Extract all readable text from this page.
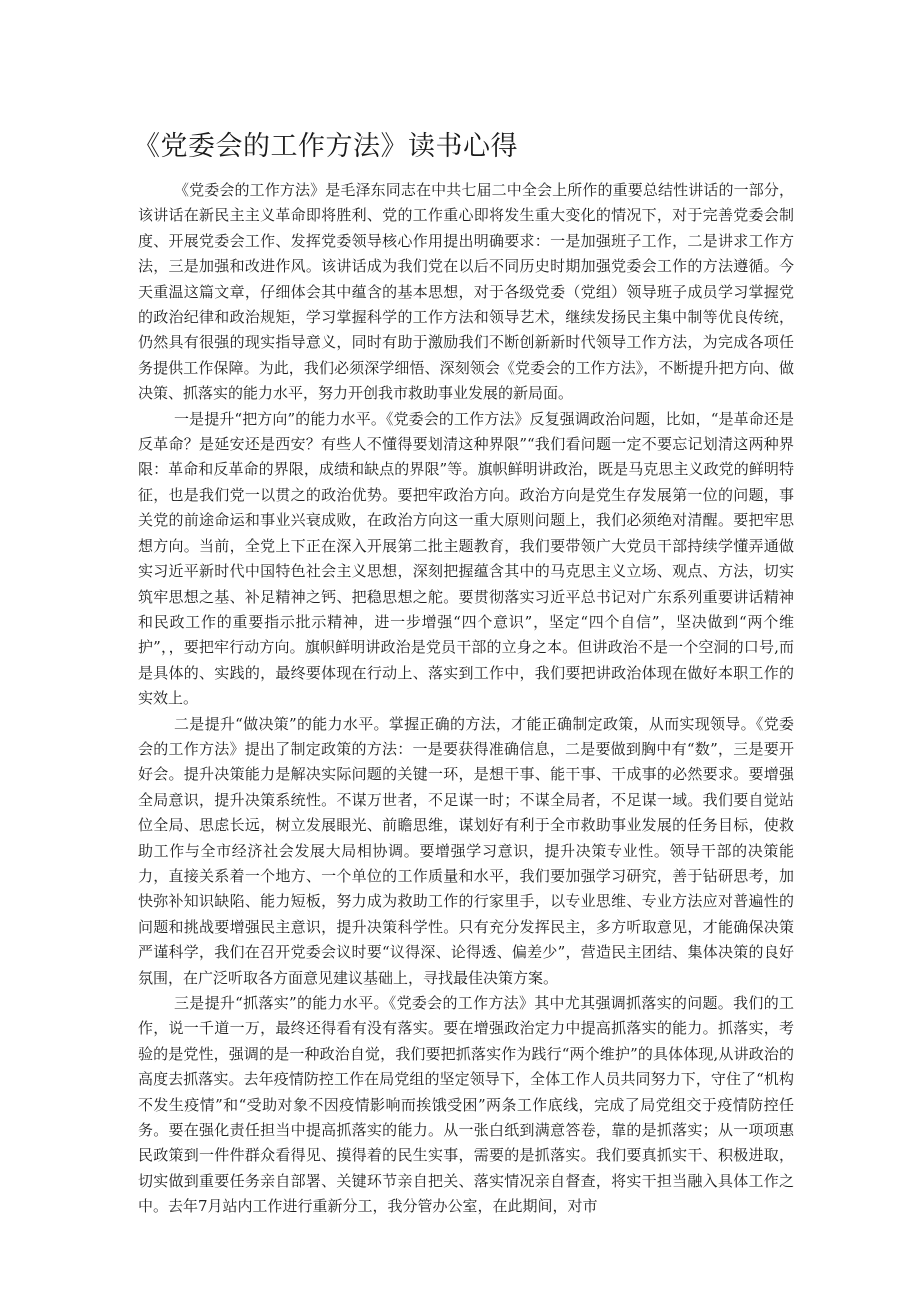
《党委会的工作方法》读书心得

《党委会的工作方法》是毛泽东同志在中共七届二中全会上所作的重要总结性讲话的一部分，该讲话在新民主主义革命即将胜利、党的工作重心即将发生重大变化的情况下，对于完善党委会制度、开展党委会工作、发挥党委领导核心作用提出明确要求：一是加强班子工作，二是讲求工作方法，三是加强和改进作风。该讲话成为我们党在以后不同历史时期加强党委会工作的方法遵循。今天重温这篇文章，仔细体会其中蕴含的基本思想，对于各级党委（党组）领导班子成员学习掌握党的政治纪律和政治规矩，学习掌握科学的工作方法和领导艺术，继续发扬民主集中制等优良传统，仍然具有很强的现实指导意义，同时有助于激励我们不断创新新时代领导工作方法，为完成各项任务提供工作保障。为此，我们必须深学细悟、深刻领会《党委会的工作方法》，不断提升把方向、做决策、抓落实的能力水平，努力开创我市救助事业发展的新局面。

一是提升“把方向”的能力水平。《党委会的工作方法》反复强调政治问题，比如，“是革命还是反革命？是延安还是西安？有些人不懂得要划清这种界限”“我们看问题一定不要忘记划清这两种界限：革命和反革命的界限，成绩和缺点的界限”等。旗帜鲜明讲政治，既是马克思主义政党的鲜明特征，也是我们党一以贯之的政治优势。要把牢政治方向。政治方向是党生存发展第一位的问题，事关党的前途命运和事业兴衰成败，在政治方向这一重大原则问题上，我们必须绝对清醒。要把牢思想方向。当前，全党上下正在深入开展第二批主题教育，我们要带领广大党员干部持续学懂弄通做实习近平新时代中国特色社会主义思想，深刻把握蕴含其中的马克思主义立场、观点、方法，切实筑牢思想之基、补足精神之钙、把稳思想之舵。要贯彻落实习近平总书记对广东系列重要讲话精神和民政工作的重要指示批示精神，进一步增强“四个意识”，坚定“四个自信”，坚决做到“两个维护”，，要把牢行动方向。旗帜鲜明讲政治是党员干部的立身之本。但讲政治不是一个空洞的口号,而是具体的、实践的，最终要体现在行动上、落实到工作中，我们要把讲政治体现在做好本职工作的实效上。

二是提升“做决策”的能力水平。掌握正确的方法，才能正确制定政策，从而实现领导。《党委会的工作方法》提出了制定政策的方法：一是要获得准确信息，二是要做到胸中有“数”，三是要开好会。提升决策能力是解决实际问题的关键一环，是想干事、能干事、干成事的必然要求。要增强全局意识，提升决策系统性。不谋万世者，不足谋一时；不谋全局者，不足谋一域。我们要自觉站位全局、思虑长远，树立发展眼光、前瞻思维，谋划好有利于全市救助事业发展的任务目标，使救助工作与全市经济社会发展大局相协调。要增强学习意识，提升决策专业性。领导干部的决策能力，直接关系着一个地方、一个单位的工作质量和水平，我们要加强学习研究，善于钻研思考，加快弥补知识缺陷、能力短板，努力成为救助工作的行家里手，以专业思维、专业方法应对普遍性的问题和挑战要增强民主意识，提升决策科学性。只有充分发挥民主，多方听取意见，才能确保决策严谨科学，我们在召开党委会议时要“议得深、论得透、偏差少”，营造民主团结、集体决策的良好氛围，在广泛听取各方面意见建议基础上，寻找最佳决策方案。

三是提升“抓落实”的能力水平。《党委会的工作方法》其中尤其强调抓落实的问题。我们的工作，说一千道一万，最终还得看有没有落实。要在增强政治定力中提高抓落实的能力。抓落实，考验的是党性，强调的是一种政治自觉，我们要把抓落实作为践行“两个维护”的具体体现,从讲政治的高度去抓落实。去年疫情防控工作在局党组的坚定领导下，全体工作人员共同努力下，守住了“机构不发生疫情”和“受助对象不因疫情影响而挨饿受困”两条工作底线，完成了局党组交于疫情防控任务。要在强化责任担当中提高抓落实的能力。从一张白纸到满意答卷，靠的是抓落实；从一项项惠民政策到一件件群众看得见、摸得着的民生实事，需要的是抓落实。我们要真抓实干、积极进取，切实做到重要任务亲自部署、关键环节亲自把关、落实情况亲自督查，将实干担当融入具体工作之中。去年7月站内工作进行重新分工，我分管办公室，在此期间，对市
